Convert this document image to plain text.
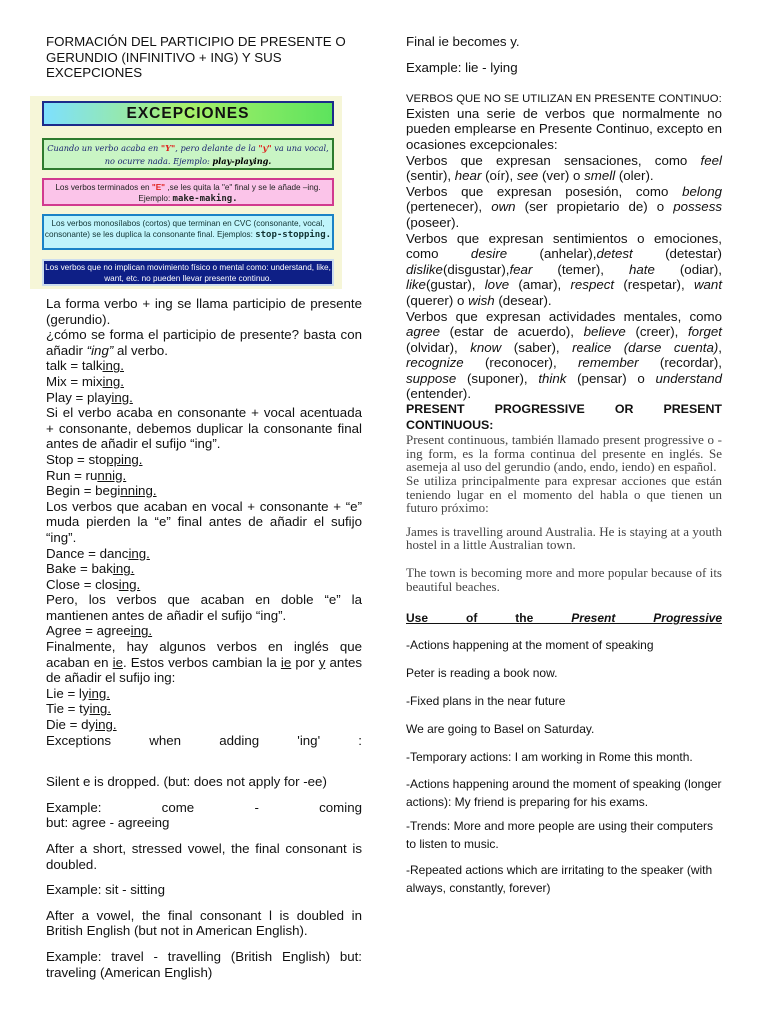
FORMACIÓN DEL PARTICIPIO DE PRESENTE O GERUNDIO (INFINITIVO + ING) Y SUS EXCEPCIONES
EXCEPCIONES
Cuando un verbo acaba en "Y", pero delante de la "y" va una vocal, no ocurre nada. Ejemplo: play-playing.
Los verbos terminados en "E" ,se les quita la "e" final y se le añade –ing. Ejemplo: make-making.
Los verbos monosílabos (cortos) que terminan en CVC (consonante, vocal, consonante) se les duplica la consonante final. Ejemplos: stop-stopping.
Los verbos que no implican movimiento físico o mental como: understand, like, want, etc. no pueden llevar presente continuo.
La forma verbo + ing se llama participio de presente (gerundio).
¿cómo se forma el participio de presente? basta con añadir “ing” al verbo.
talk = talking.
Mix = mixing.
Play = playing.
Si el verbo acaba en consonante + vocal acentuada + consonante, debemos duplicar la consonante final antes de añadir el sufijo “ing”.
Stop = stopping.
Run = runnig.
Begin = beginning.
Los verbos que acaban en vocal + consonante + “e” muda pierden la “e” final antes de añadir el sufijo “ing”.
Dance = dancing.
Bake = baking.
Close = closing.
Pero, los verbos que acaban en doble “e” la mantienen antes de añadir el sufijo “ing”.
Agree = agreeing.
Finalmente, hay algunos verbos en inglés que acaban en ie. Estos verbos cambian la ie por y antes de añadir el sufijo ing:
Lie = lying.
Tie = tying.
Die = dying.
Exceptions when adding 'ing' :
Silent e is dropped. (but: does not apply for -ee)
Example: come - coming
but: agree - agreeing
After a short, stressed vowel, the final consonant is doubled.
Example: sit - sitting
After a vowel, the final consonant l is doubled in British English (but not in American English).
Example: travel - travelling (British English) but: traveling (American English)
Final ie becomes y.
Example: lie - lying
VERBOS QUE NO SE UTILIZAN EN PRESENTE CONTINUO:
Existen una serie de verbos que normalmente no pueden emplearse en Presente Continuo, excepto en ocasiones excepcionales:
Verbos que expresan sensaciones, como feel (sentir), hear (oír), see (ver) o smell (oler).
Verbos que expresan posesión, como belong (pertenecer), own (ser propietario de) o possess (poseer).
Verbos que expresan sentimientos o emociones, como desire (anhelar),detest (detestar) dislike(disgustar),fear (temer), hate (odiar), like(gustar), love (amar), respect (respetar), want (querer) o wish (desear).
Verbos que expresan actividades mentales, como agree (estar de acuerdo), believe (creer), forget (olvidar), know (saber), realice (darse cuenta), recognize (reconocer), remember (recordar), suppose (suponer), think (pensar) o understand (entender).
PRESENT PROGRESSIVE OR PRESENT CONTINUOUS:
Present continuous, también llamado present progressive o -ing form, es la forma continua del presente en inglés. Se asemeja al uso del gerundio (ando, endo, iendo) en español.
Se utiliza principalmente para expresar acciones que están teniendo lugar en el momento del habla o que tienen un futuro próximo:
James is travelling around Australia. He is staying at a youth hostel in a little Australian town.
The town is becoming more and more popular because of its beautiful beaches.
Use of the Present Progressive
-Actions happening at the moment of speaking
Peter is reading a book now.
-Fixed plans in the near future
We are going to Basel on Saturday.
-Temporary actions: I am working in Rome this month.
-Actions happening around the moment of speaking (longer actions): My friend is preparing for his exams.
-Trends: More and more people are using their computers to listen to music.
-Repeated actions which are irritating to the speaker (with always, constantly, forever)
